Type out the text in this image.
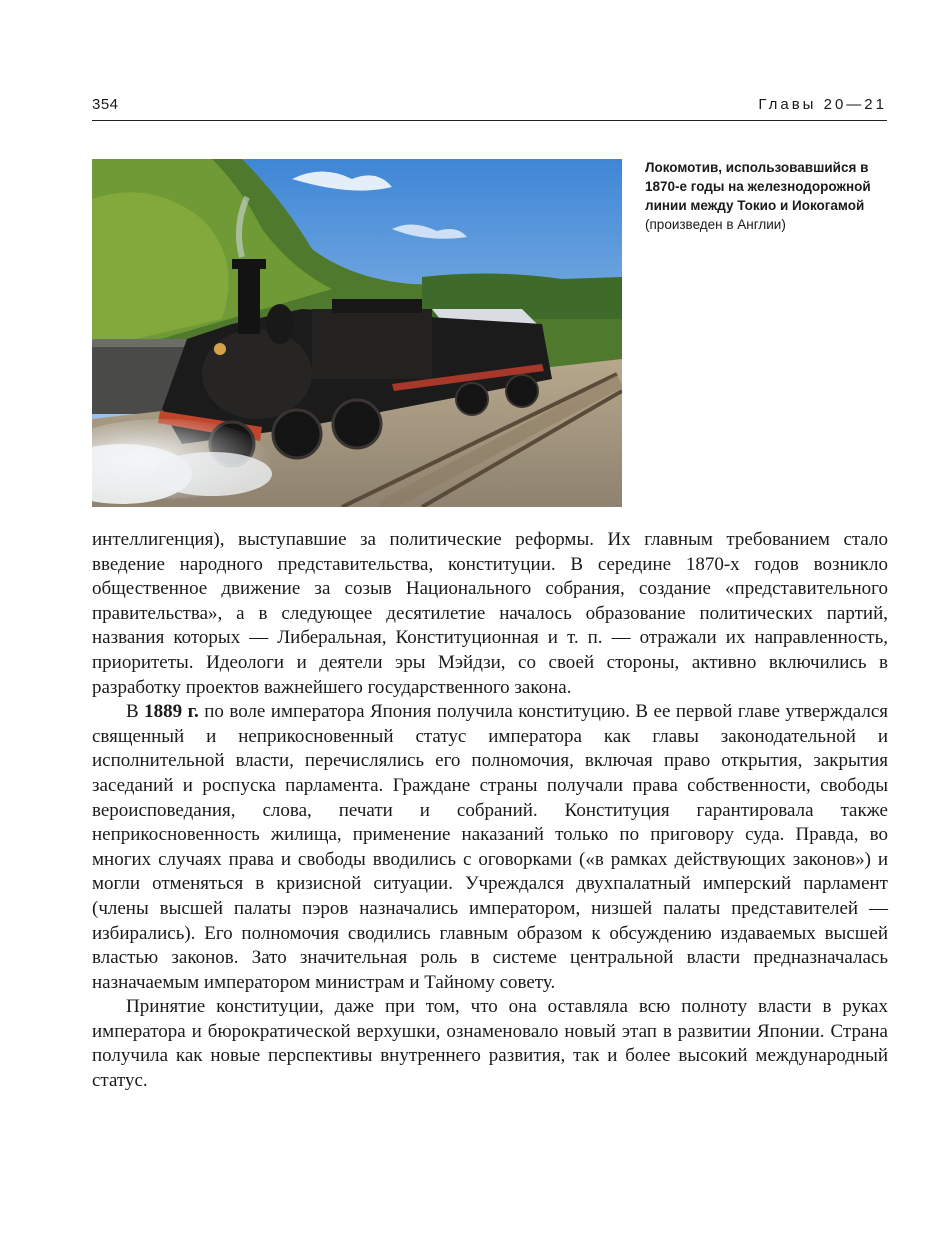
354	Главы 20—21
Локомотив, использовавшийся в 1870-е годы на железнодорожной линии между Токио и Иокогамой
(произведен в Англии)

интеллигенция), выступавшие за политические реформы. Их главным требованием стало введение народного представительства, конституции. В середине 1870-х годов возникло общественное движение за созыв Национального собрания, создание «представительного правительства», а в следующее десятилетие началось образование политических партий, названия которых — Либеральная, Конституционная и т. п. — отражали их направленность, приоритеты. Идеологи и деятели эры Мэйдзи, со своей стороны, активно включились в разработку проектов важнейшего государственного закона.

В 1889 г. по воле императора Япония получила конституцию. В ее первой главе утверждался священный и неприкосновенный статус императора как главы законодательной и исполнительной власти, перечислялись его полномочия, включая право открытия, закрытия заседаний и роспуска парламента. Граждане страны получали права собственности, свободы вероисповедания, слова, печати и собраний. Конституция гарантировала также неприкосновенность жилища, применение наказаний только по приговору суда. Правда, во многих случаях права и свободы вводились с оговорками («в рамках действующих законов») и могли отменяться в кризисной ситуации. Учреждался двухпалатный имперский парламент (члены высшей палаты пэров назначались императором, низшей палаты представителей — избирались). Его полномочия сводились главным образом к обсуждению издаваемых высшей властью законов. Зато значительная роль в системе центральной власти предназначалась назначаемым императором министрам и Тайному совету.

Принятие конституции, даже при том, что она оставляла всю полноту власти в руках императора и бюрократической верхушки, ознаменовало новый этап в развитии Японии. Страна получила как новые перспективы внутреннего развития, так и более высокий международный статус.
